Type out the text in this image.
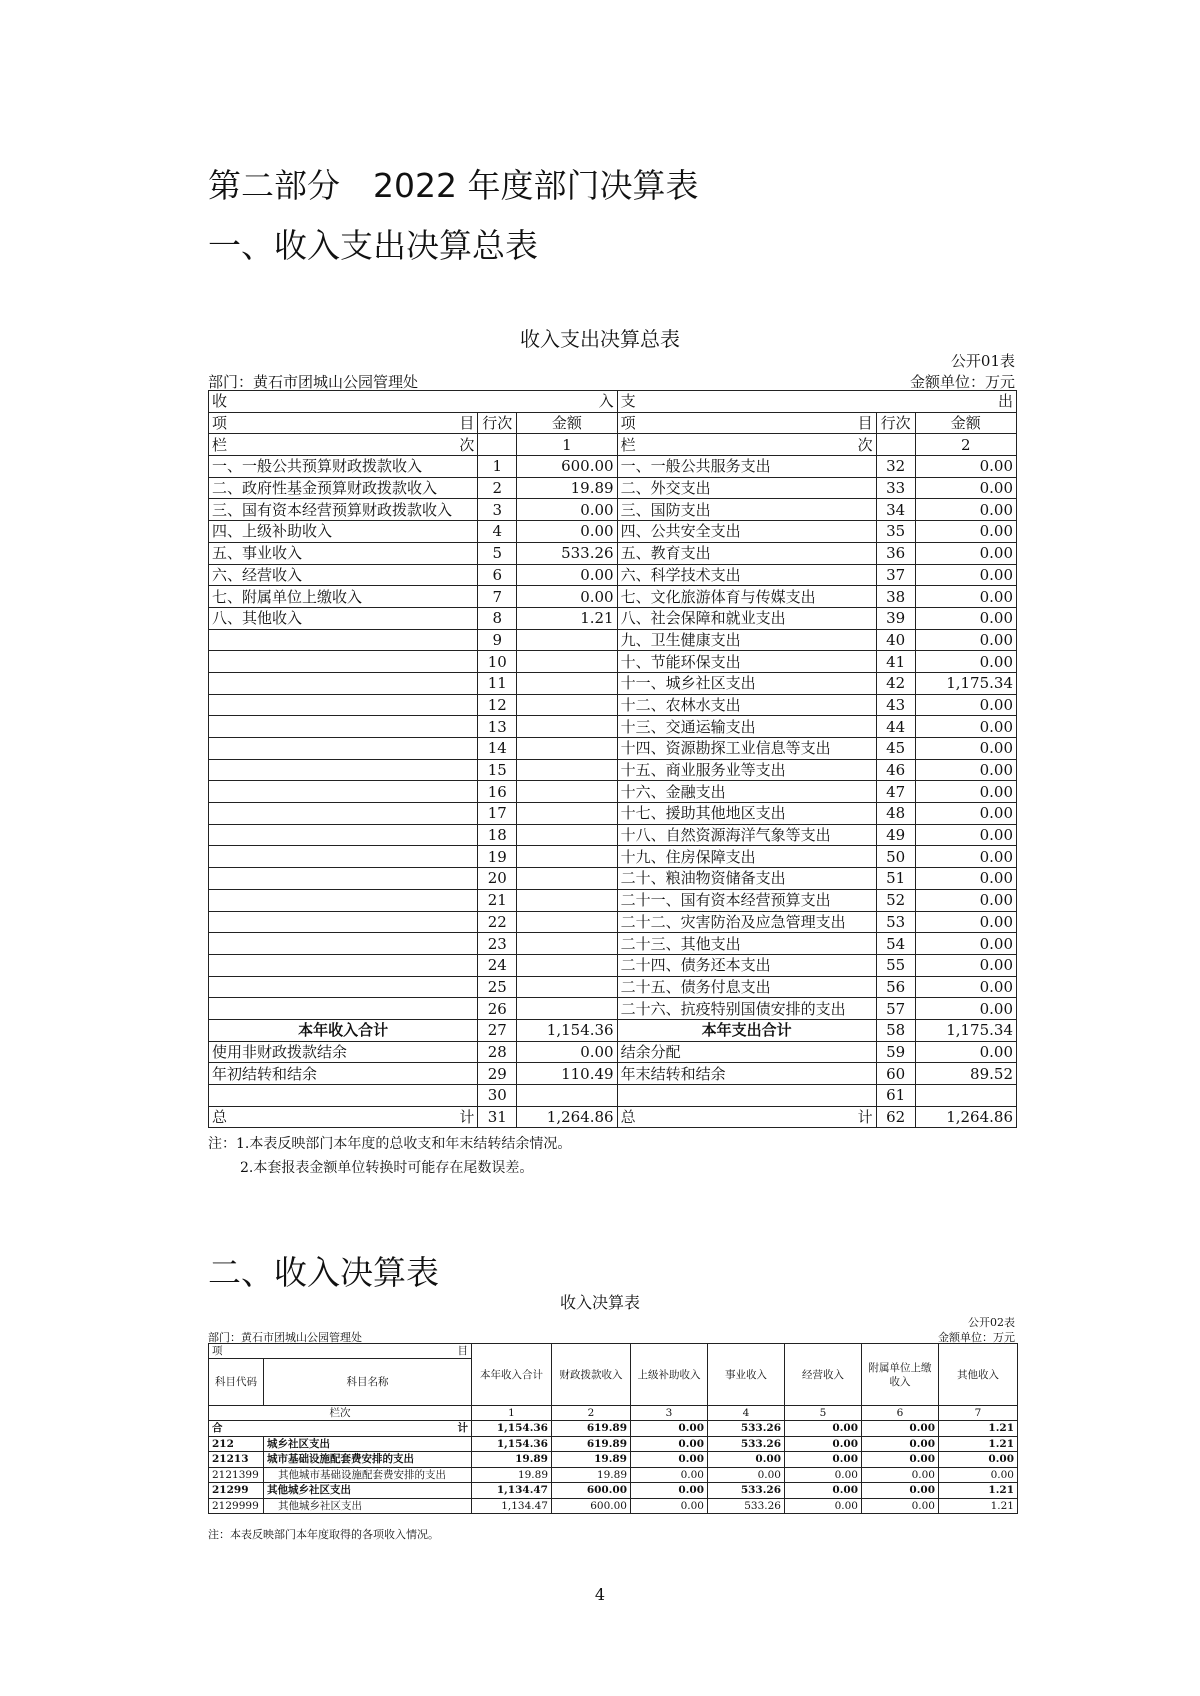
第二部分　2022 年度部门决算表
一、收入支出决算总表
收入支出决算总表
公开01表
部门：黄石市团城山公园管理处	金额单位：万元
收 入			支 出		

项 目	行次	金额	项 目	行次	金额

栏 次		1	栏 次		2
一、一般公共预算财政拨款收入	1	600.00	一、一般公共服务支出	32	0.00
二、政府性基金预算财政拨款收入	2	19.89	二、外交支出	33	0.00
三、国有资本经营预算财政拨款收入	3	0.00	三、国防支出	34	0.00
四、上级补助收入	4	0.00	四、公共安全支出	35	0.00
五、事业收入	5	533.26	五、教育支出	36	0.00
六、经营收入	6	0.00	六、科学技术支出	37	0.00
七、附属单位上缴收入	7	0.00	七、文化旅游体育与传媒支出	38	0.00
八、其他收入	8	1.21	八、社会保障和就业支出	39	0.00
	9		九、卫生健康支出	40	0.00
	10		十、节能环保支出	41	0.00
	11		十一、城乡社区支出	42	1,175.34
	12		十二、农林水支出	43	0.00
	13		十三、交通运输支出	44	0.00
	14		十四、资源勘探工业信息等支出	45	0.00
	15		十五、商业服务业等支出	46	0.00
	16		十六、金融支出	47	0.00
	17		十七、援助其他地区支出	48	0.00
	18		十八、自然资源海洋气象等支出	49	0.00
	19		十九、住房保障支出	50	0.00
	20		二十、粮油物资储备支出	51	0.00
	21		二十一、国有资本经营预算支出	52	0.00
	22		二十二、灾害防治及应急管理支出	53	0.00
	23		二十三、其他支出	54	0.00
	24		二十四、债务还本支出	55	0.00
	25		二十五、债务付息支出	56	0.00
	26		二十六、抗疫特别国债安排的支出	57	0.00
本年收入合计	27	1,154.36	本年支出合计	58	1,175.34
使用非财政拨款结余	28	0.00	结余分配	59	0.00
年初结转和结余	29	110.49	年末结转和结余	60	89.52
	30			61	

总 计	31	1,264.86	总 计	62	1,264.86
注：1.本表反映部门本年度的总收支和年末结转结余情况。
2.本套报表金额单位转换时可能存在尾数误差。
二、收入决算表
收入决算表
公开02表
部门：黄石市团城山公园管理处	金额单位：万元
项 目		本年收入合计	财政拨款收入	上级补助收入	事业收入	经营收入	附属单位上缴收入	其他收入
科目代码	科目名称							
栏次		1	2	3	4	5	6	7

合 计		1,154.36	619.89	0.00	533.26	0.00	0.00	1.21
212	城乡社区支出	1,154.36	619.89	0.00	533.26	0.00	0.00	1.21
21213	城市基础设施配套费安排的支出	19.89	19.89	0.00	0.00	0.00	0.00	0.00
2121399	其他城市基础设施配套费安排的支出	19.89	19.89	0.00	0.00	0.00	0.00	0.00
21299	其他城乡社区支出	1,134.47	600.00	0.00	533.26	0.00	0.00	1.21
2129999	其他城乡社区支出	1,134.47	600.00	0.00	533.26	0.00	0.00	1.21
注：本表反映部门本年度取得的各项收入情况。
4
